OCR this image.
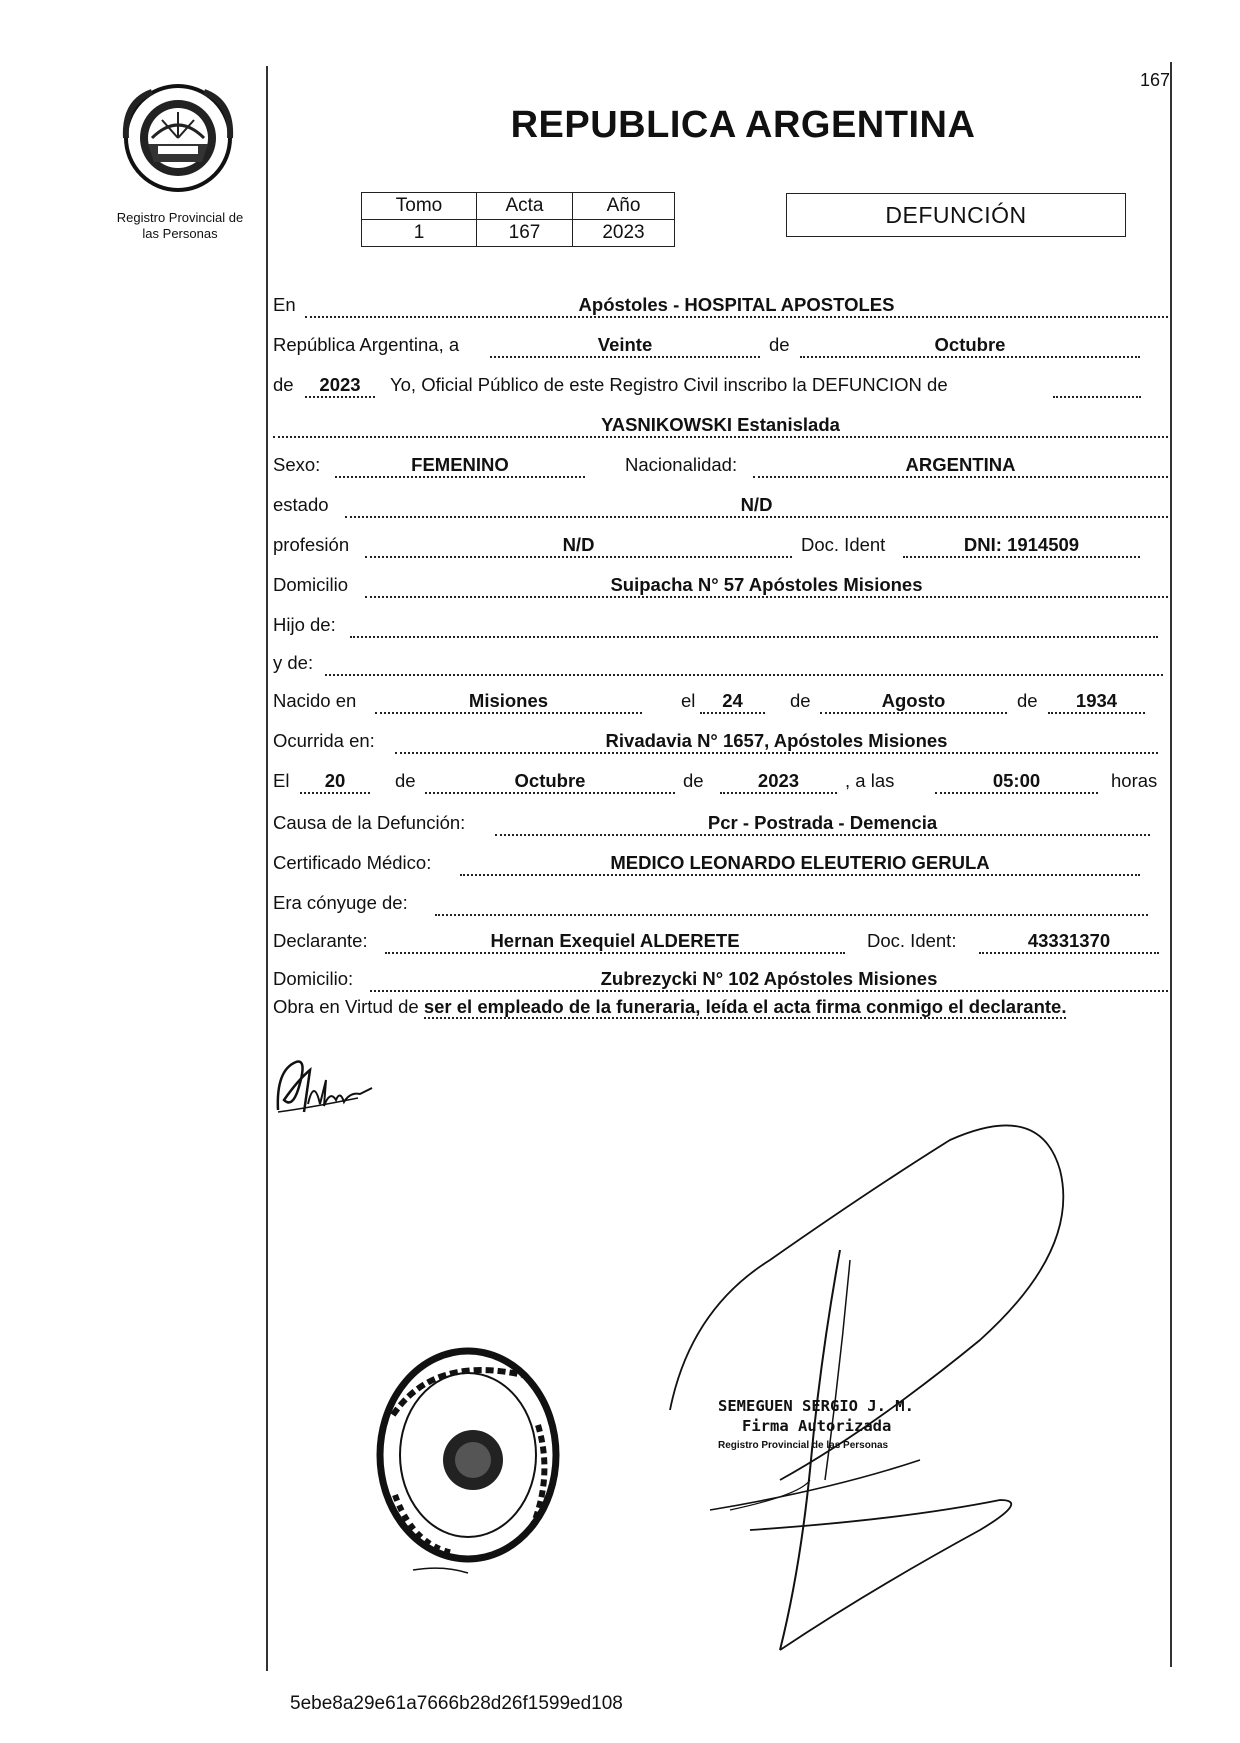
167
Registro Provincial de
las Personas
REPUBLICA ARGENTINA
Tomo	Acta	Año
1	167	2023
DEFUNCIÓN
En	Apóstoles - HOSPITAL APOSTOLES
República Argentina, a	Veinte	de	Octubre
de	2023	Yo, Oficial Público de este Registro Civil inscribo la DEFUNCION de
YASNIKOWSKI Estanislada
Sexo:	FEMENINO	Nacionalidad:	ARGENTINA
estado	N/D
profesión	N/D	Doc. Ident	DNI: 1914509
Domicilio	Suipacha N° 57 Apóstoles Misiones
Hijo de:
y de:
Nacido en	Misiones	el	24	de	Agosto	de	1934
Ocurrida en:	Rivadavia N° 1657, Apóstoles Misiones
El	20	de	Octubre	de	2023	, a las	05:00	horas
Causa de la Defunción:	Pcr - Postrada - Demencia
Certificado Médico:	MEDICO LEONARDO ELEUTERIO GERULA
Era cónyuge de:
Declarante:	Hernan Exequiel ALDERETE	Doc. Ident:	43331370
Domicilio:	Zubrezycki N° 102 Apóstoles Misiones
Obra en Virtud de ser el empleado de la funeraria, leída el acta firma conmigo el declarante.
SEMEGUEN SERGIO J. M.
Firma Autorizada
Registro Provincial de las Personas
5ebe8a29e61a7666b28d26f1599ed108
